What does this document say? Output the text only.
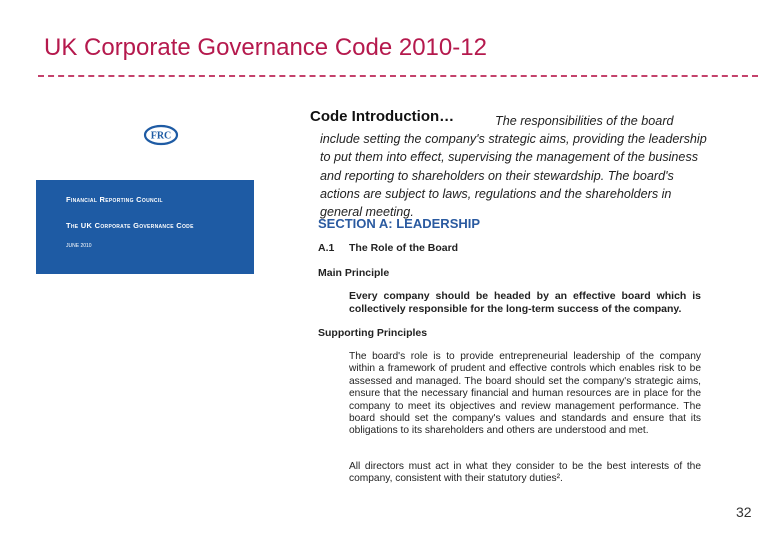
UK Corporate Governance Code 2010-12
FRC
Financial Reporting Council
The UK Corporate Governance Code
JUNE 2010
The responsibilities of the board include setting the company's strategic aims, providing the leadership to put them into effect, supervising the management of the business and reporting to shareholders on their stewardship. The board's actions are subject to laws, regulations and the shareholders in general meeting.
Code Introduction…
SECTION A: LEADERSHIP
A.1 The Role of the Board
Main Principle
Every company should be headed by an effective board which is collectively responsible for the long-term success of the company.
Supporting Principles
The board's role is to provide entrepreneurial leadership of the company within a framework of prudent and effective controls which enables risk to be assessed and managed. The board should set the company's strategic aims, ensure that the necessary financial and human resources are in place for the company to meet its objectives and review management performance. The board should set the company's values and standards and ensure that its obligations to its shareholders and others are understood and met.
All directors must act in what they consider to be the best interests of the company, consistent with their statutory duties².
32
